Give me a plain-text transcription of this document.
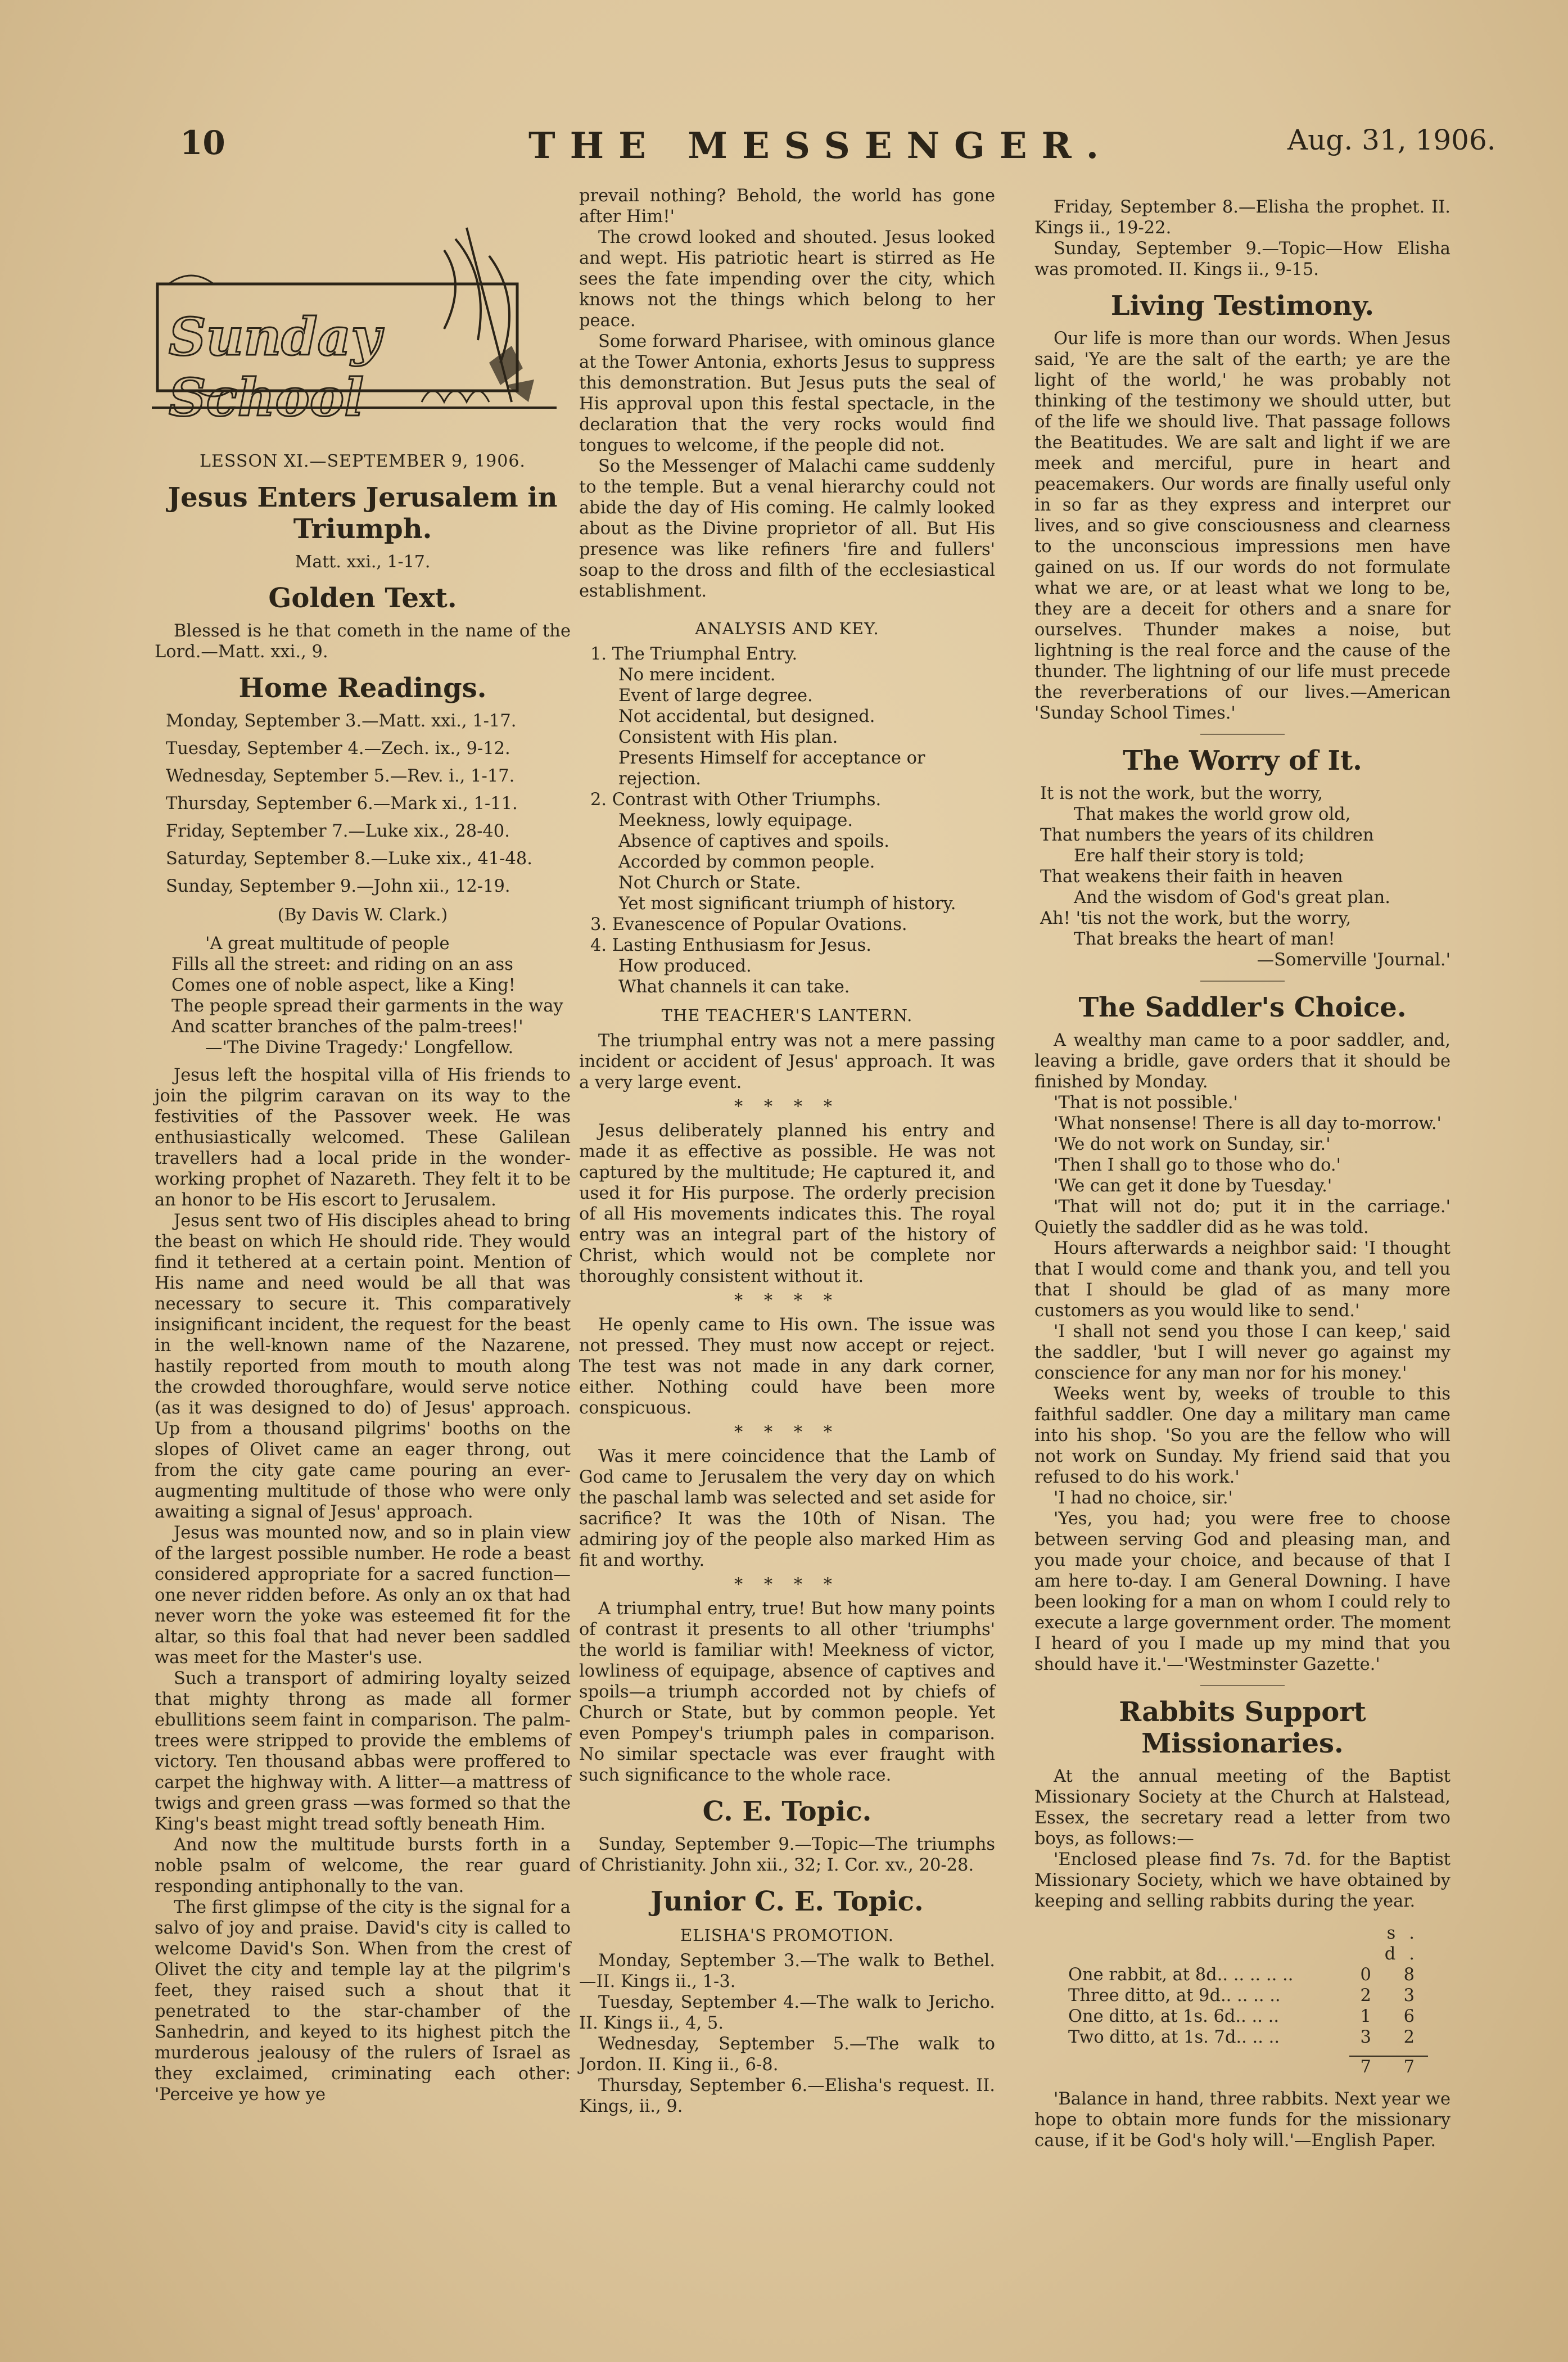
10	THE MESSENGER.	Aug. 31, 1906.
Sunday School
LESSON XI.—SEPTEMBER 9, 1906.
Jesus Enters Jerusalem in Triumph.
Matt. xxi., 1-17.
Golden Text.

Blessed is he that cometh in the name of the Lord.—Matt. xxi., 9.

Home Readings.
Monday, September 3.—Matt. xxi., 1-17.
Tuesday, September 4.—Zech. ix., 9-12.
Wednesday, September 5.—Rev. i., 1-17.
Thursday, September 6.—Mark xi., 1-11.
Friday, September 7.—Luke xix., 28-40.
Saturday, September 8.—Luke xix., 41-48.
Sunday, September 9.—John xii., 12-19.
(By Davis W. Clark.)
'A great multitude of people
Fills all the street: and riding on an ass
Comes one of noble aspect, like a King!
The people spread their garments in the way
And scatter branches of the palm-trees!'
—'The Divine Tragedy:' Longfellow.

Jesus left the hospital villa of His friends to join the pilgrim caravan on its way to the festivities of the Passover week. He was enthusiastically welcomed. These Galilean travellers had a local pride in the wonder-working prophet of Nazareth. They felt it to be an honor to be His escort to Jerusalem.

Jesus sent two of His disciples ahead to bring the beast on which He should ride. They would find it tethered at a certain point. Mention of His name and need would be all that was necessary to secure it. This comparatively insignificant incident, the request for the beast in the well-known name of the Nazarene, hastily reported from mouth to mouth along the crowded thoroughfare, would serve notice (as it was designed to do) of Jesus' approach. Up from a thousand pilgrims' booths on the slopes of Olivet came an eager throng, out from the city gate came pouring an ever-augmenting multitude of those who were only awaiting a signal of Jesus' approach.

Jesus was mounted now, and so in plain view of the largest possible number. He rode a beast considered appropriate for a sacred function—one never ridden before. As only an ox that had never worn the yoke was esteemed fit for the altar, so this foal that had never been saddled was meet for the Master's use.

Such a transport of admiring loyalty seized that mighty throng as made all former ebullitions seem faint in comparison. The palm-trees were stripped to provide the emblems of victory. Ten thousand abbas were proffered to carpet the highway with. A litter—a mattress of twigs and green grass —was formed so that the King's beast might tread softly beneath Him.

And now the multitude bursts forth in a noble psalm of welcome, the rear guard responding antiphonally to the van.

The first glimpse of the city is the signal for a salvo of joy and praise. David's city is called to welcome David's Son. When from the crest of Olivet the city and temple lay at the pilgrim's feet, they raised such a shout that it penetrated to the star-chamber of the Sanhedrin, and keyed to its highest pitch the murderous jealousy of the rulers of Israel as they exclaimed, criminating each other: 'Perceive ye how ye

prevail nothing? Behold, the world has gone after Him!'

The crowd looked and shouted. Jesus looked and wept. His patriotic heart is stirred as He sees the fate impending over the city, which knows not the things which belong to her peace.

Some forward Pharisee, with ominous glance at the Tower Antonia, exhorts Jesus to suppress this demonstration. But Jesus puts the seal of His approval upon this festal spectacle, in the declaration that the very rocks would find tongues to welcome, if the people did not.

So the Messenger of Malachi came suddenly to the temple. But a venal hierarchy could not abide the day of His coming. He calmly looked about as the Divine proprietor of all. But His presence was like refiners 'fire and fullers' soap to the dross and filth of the ecclesiastical establishment.

ANALYSIS AND KEY.
1. The Triumphal Entry.
No mere incident.
Event of large degree.
Not accidental, but designed.
Consistent with His plan.
Presents Himself for acceptance or rejection.
2. Contrast with Other Triumphs.
Meekness, lowly equipage.
Absence of captives and spoils.
Accorded by common people.
Not Church or State.
Yet most significant triumph of history.
3. Evanescence of Popular Ovations.
4. Lasting Enthusiasm for Jesus.
How produced.
What channels it can take.
THE TEACHER'S LANTERN.

The triumphal entry was not a mere passing incident or accident of Jesus' approach. It was a very large event.

* * * *

Jesus deliberately planned his entry and made it as effective as possible. He was not captured by the multitude; He captured it, and used it for His purpose. The orderly precision of all His movements indicates this. The royal entry was an integral part of the history of Christ, which would not be complete nor thoroughly consistent without it.

* * * *

He openly came to His own. The issue was not pressed. They must now accept or reject. The test was not made in any dark corner, either. Nothing could have been more conspicuous.

* * * *

Was it mere coincidence that the Lamb of God came to Jerusalem the very day on which the paschal lamb was selected and set aside for sacrifice? It was the 10th of Nisan. The admiring joy of the people also marked Him as fit and worthy.

* * * *

A triumphal entry, true! But how many points of contrast it presents to all other 'triumphs' the world is familiar with! Meekness of victor, lowliness of equipage, absence of captives and spoils—a triumph accorded not by chiefs of Church or State, but by common people. Yet even Pompey's triumph pales in comparison. No similar spectacle was ever fraught with such significance to the whole race.

C. E. Topic.

Sunday, September 9.—Topic—The triumphs of Christianity. John xii., 32; I. Cor. xv., 20-28.

Junior C. E. Topic.
ELISHA'S PROMOTION.

Monday, September 3.—The walk to Bethel.—II. Kings ii., 1-3.

Tuesday, September 4.—The walk to Jericho. II. Kings ii., 4, 5.

Wednesday, September 5.—The walk to Jordon. II. King ii., 6-8.

Thursday, September 6.—Elisha's request. II. Kings, ii., 9.

Friday, September 8.—Elisha the prophet. II. Kings ii., 19-22.

Sunday, September 9.—Topic—How Elisha was promoted. II. Kings ii., 9-15.

Living Testimony.

Our life is more than our words. When Jesus said, 'Ye are the salt of the earth; ye are the light of the world,' he was probably not thinking of the testimony we should utter, but of the life we should live. That passage follows the Beatitudes. We are salt and light if we are meek and merciful, pure in heart and peacemakers. Our words are finally useful only in so far as they express and interpret our lives, and so give consciousness and clearness to the unconscious impressions men have gained on us. If our words do not formulate what we are, or at least what we long to be, they are a deceit for others and a snare for ourselves. Thunder makes a noise, but lightning is the real force and the cause of the thunder. The lightning of our life must precede the reverberations of our lives.—American 'Sunday School Times.'

The Worry of It.
It is not the work, but the worry,
That makes the world grow old,
That numbers the years of its children
Ere half their story is told;
That weakens their faith in heaven
And the wisdom of God's great plan.
Ah! 'tis not the work, but the worry,
That breaks the heart of man!
—Somerville 'Journal.'
The Saddler's Choice.

A wealthy man came to a poor saddler, and, leaving a bridle, gave orders that it should be finished by Monday.

'That is not possible.'

'What nonsense! There is all day to-morrow.'

'We do not work on Sunday, sir.'

'Then I shall go to those who do.'

'We can get it done by Tuesday.'

'That will not do; put it in the carriage.' Quietly the saddler did as he was told.

Hours afterwards a neighbor said: 'I thought that I would come and thank you, and tell you that I should be glad of as many more customers as you would like to send.'

'I shall not send you those I can keep,' said the saddler, 'but I will never go against my conscience for any man nor for his money.'

Weeks went by, weeks of trouble to this faithful saddler. One day a military man came into his shop. 'So you are the fellow who will not work on Sunday. My friend said that you refused to do his work.'

'I had no choice, sir.'

'Yes, you had; you were free to choose between serving God and pleasing man, and you made your choice, and because of that I am here to-day. I am General Downing. I have been looking for a man on whom I could rely to execute a large government order. The moment I heard of you I made up my mind that you should have it.'—'Westminster Gazette.'

Rabbits Support Missionaries.

At the annual meeting of the Baptist Missionary Society at the Church at Halstead, Essex, the secretary read a letter from two boys, as follows:—

'Enclosed please find 7s. 7d. for the Baptist Missionary Society, which we have obtained by keeping and selling rabbits during the year.

s. d.
One rabbit, at 8d.. .. .. .. ..	0 8
Three ditto, at 9d.. .. .. ..	2 3
One ditto, at 1s. 6d.. .. ..	1 6
Two ditto, at 1s. 7d.. .. ..	3 2
7 7

'Balance in hand, three rabbits. Next year we hope to obtain more funds for the missionary cause, if it be God's holy will.'—English Paper.
